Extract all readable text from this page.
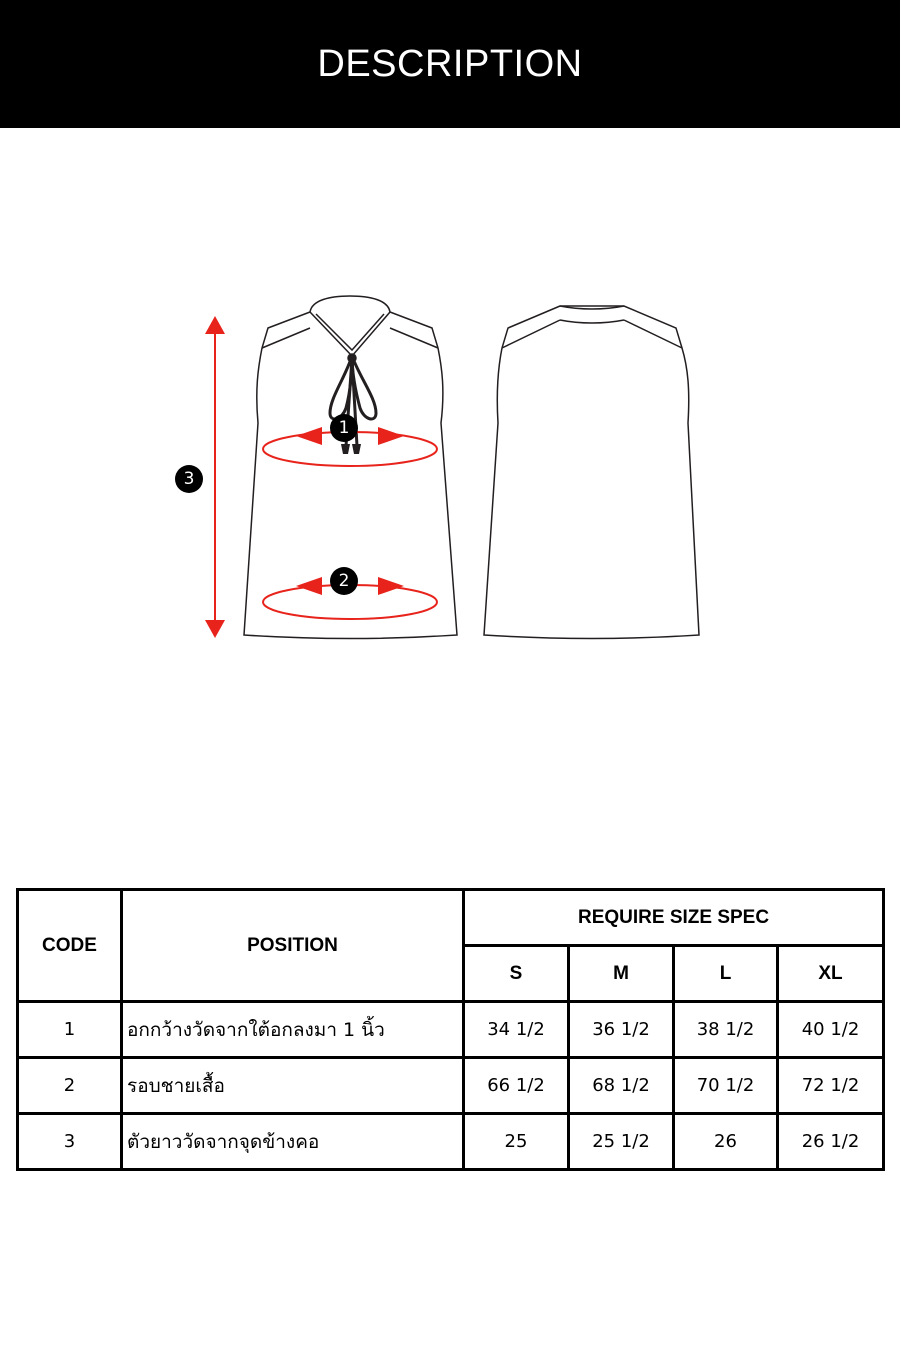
DESCRIPTION
1
2
3
CODE	POSITION	REQUIRE SIZE SPEC			
		S	M	L	XL
1	อกกว้างวัดจากใต้อกลงมา 1 นิ้ว	34 1/2	36 1/2	38 1/2	40 1/2
2	รอบชายเสื้อ	66 1/2	68 1/2	70 1/2	72 1/2
3	ตัวยาววัดจากจุดข้างคอ	25	25 1/2	26	26 1/2
